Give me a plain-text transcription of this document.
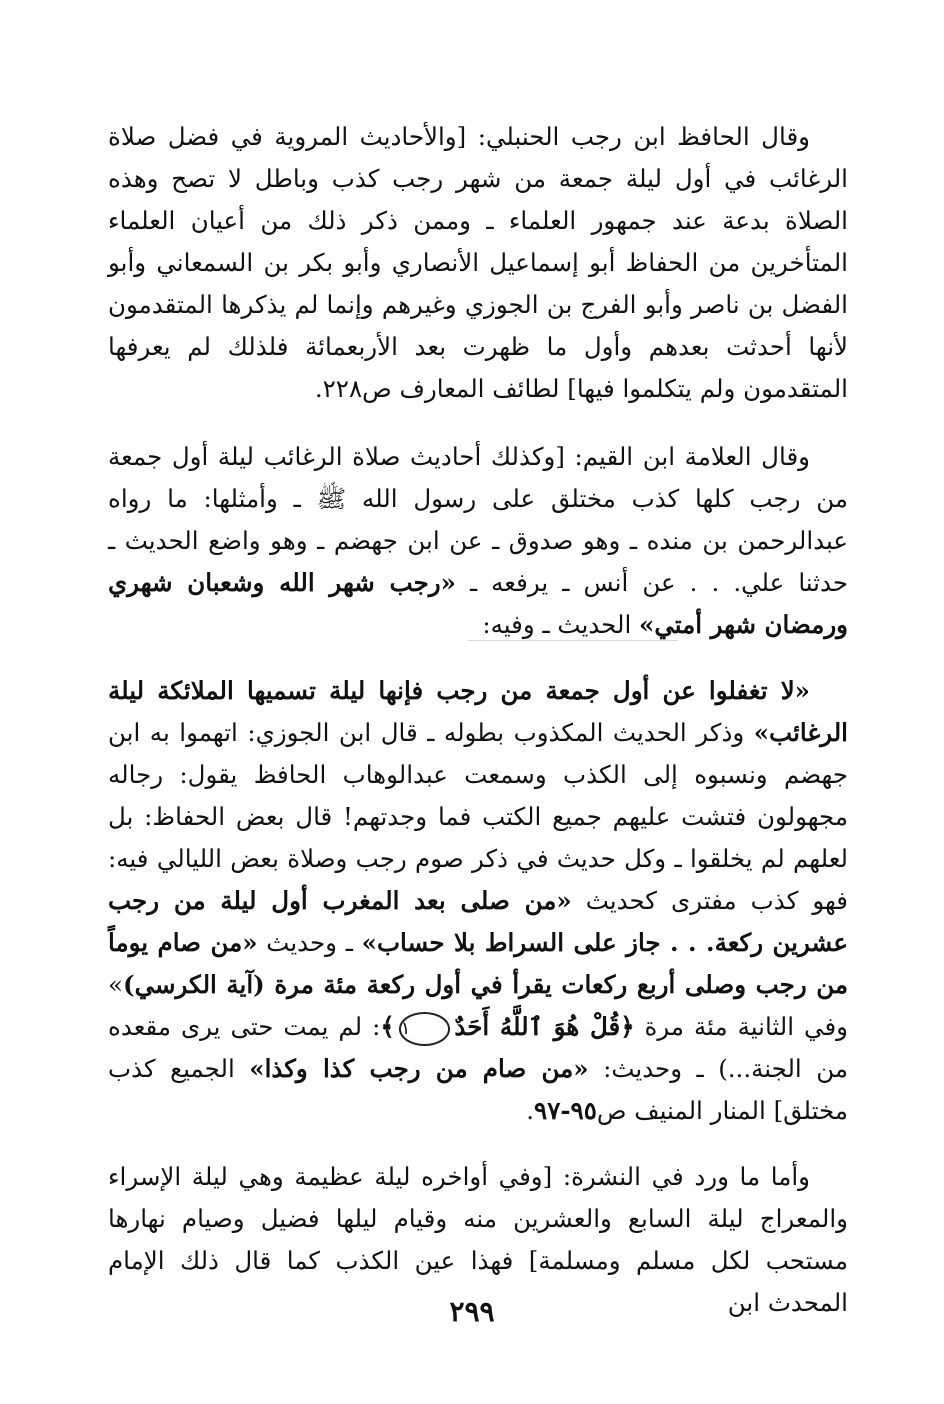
وقال الحافظ ابن رجب الحنبلي: [والأحاديث المروية في فضل صلاة الرغائب في أول ليلة جمعة من شهر رجب كذب وباطل لا تصح وهذه الصلاة بدعة عند جمهور العلماء ـ وممن ذكر ذلك من أعيان العلماء المتأخرين من الحفاظ أبو إسماعيل الأنصاري وأبو بكر بن السمعاني وأبو الفضل بن ناصر وأبو الفرج بن الجوزي وغيرهم وإنما لم يذكرها المتقدمون لأنها أحدثت بعدهم وأول ما ظهرت بعد الأربعمائة فلذلك لم يعرفها المتقدمون ولم يتكلموا فيها] لطائف المعارف ص٢٢٨.

وقال العلامة ابن القيم: [وكذلك أحاديث صلاة الرغائب ليلة أول جمعة من رجب كلها كذب مختلق على رسول الله ﷺ ـ وأمثلها: ما رواه عبدالرحمن بن منده ـ وهو صدوق ـ عن ابن جهضم ـ وهو واضع الحديث ـ حدثنا علي. . . عن أنس ـ يرفعه ـ «رجب شهر الله وشعبان شهري ورمضان شهر أمتي» الحديث ـ وفيه:

«لا تغفلوا عن أول جمعة من رجب فإنها ليلة تسميها الملائكة ليلة الرغائب» وذكر الحديث المكذوب بطوله ـ قال ابن الجوزي: اتهموا به ابن جهضم ونسبوه إلى الكذب وسمعت عبدالوهاب الحافظ يقول: رجاله مجهولون فتشت عليهم جميع الكتب فما وجدتهم! قال بعض الحفاظ: بل لعلهم لم يخلقوا ـ وكل حديث في ذكر صوم رجب وصلاة بعض الليالي فيه: فهو كذب مفترى كحديث «من صلى بعد المغرب أول ليلة من رجب عشرين ركعة. . . جاز على السراط بلا حساب» ـ وحديث «من صام يوماً من رجب وصلى أربع ركعات يقرأ في أول ركعة مئة مرة (آية الكرسي)» وفي الثانية مئة مرة ﴿قُلْ هُوَ ٱللَّهُ أَحَدٌ١﴾: لم يمت حتى يرى مقعده من الجنة...) ـ وحديث: «من صام من رجب كذا وكذا» الجميع كذب مختلق] المنار المنيف ص٩٥-٩٧.

وأما ما ورد في النشرة: [وفي أواخره ليلة عظيمة وهي ليلة الإسراء والمعراج ليلة السابع والعشرين منه وقيام ليلها فضيل وصيام نهارها مستحب لكل مسلم ومسلمة] فهذا عين الكذب كما قال ذلك الإمام المحدث ابن

٢٩٩
